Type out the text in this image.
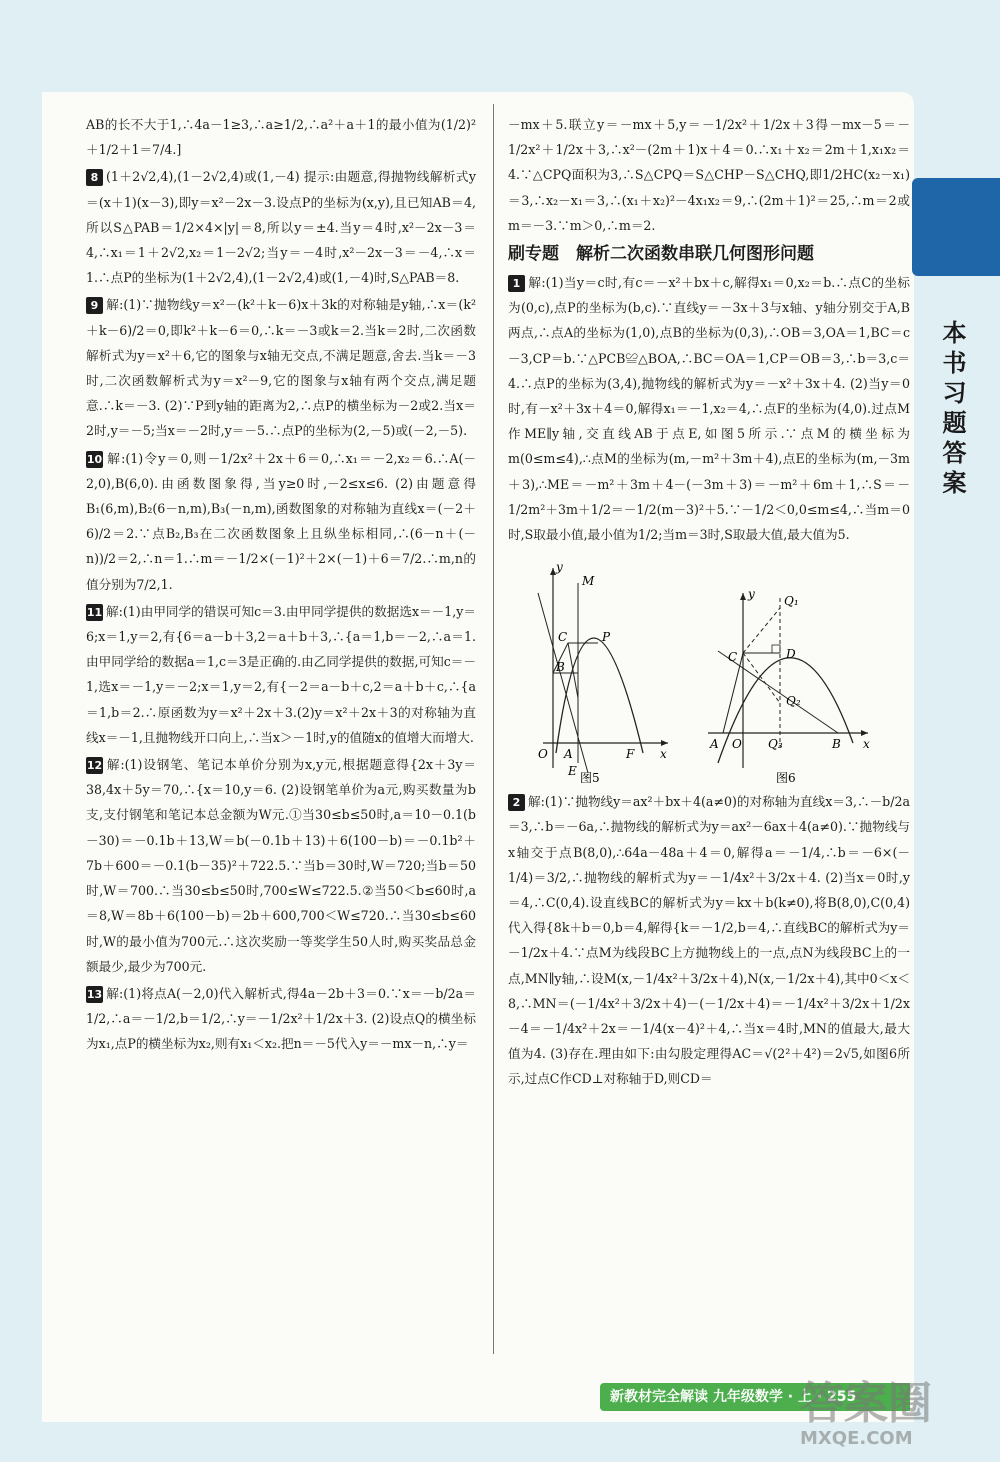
本书习题答案

AB的长不大于1,∴4a－1≥3,∴a≥1/2,∴a²＋a＋1的最小值为(1/2)²＋1/2＋1＝7/4.]

8 (1＋2√2,4),(1－2√2,4)或(1,－4) 提示:由题意,得抛物线解析式y＝(x＋1)(x－3),即y＝x²－2x－3.设点P的坐标为(x,y),且已知AB＝4,所以S△PAB＝1/2×4×|y|＝8,所以y＝±4.当y＝4时,x²－2x－3＝4,∴x₁＝1＋2√2,x₂＝1－2√2;当y＝－4时,x²－2x－3＝－4,∴x＝1.∴点P的坐标为(1＋2√2,4),(1－2√2,4)或(1,－4)时,S△PAB＝8.

9 解:(1)∵抛物线y＝x²－(k²＋k－6)x＋3k的对称轴是y轴,∴x＝(k²＋k－6)/2＝0,即k²＋k－6＝0,∴k＝－3或k＝2.当k＝2时,二次函数解析式为y＝x²＋6,它的图象与x轴无交点,不满足题意,舍去.当k＝－3时,二次函数解析式为y＝x²－9,它的图象与x轴有两个交点,满足题意.∴k＝－3. (2)∵P到y轴的距离为2,∴点P的横坐标为－2或2.当x＝2时,y＝－5;当x＝－2时,y＝－5.∴点P的坐标为(2,－5)或(－2,－5).

10 解:(1)令y＝0,则－1/2x²＋2x＋6＝0,∴x₁＝－2,x₂＝6.∴A(－2,0),B(6,0).由函数图象得,当y≥0时,－2≤x≤6. (2)由题意得B₁(6,m),B₂(6－n,m),B₃(－n,m),函数图象的对称轴为直线x＝(－2＋6)/2＝2.∵点B₂,B₃在二次函数图象上且纵坐标相同,∴(6－n＋(－n))/2＝2,∴n＝1.∴m＝－1/2×(－1)²＋2×(－1)＋6＝7/2.∴m,n的值分别为7/2,1.

11 解:(1)由甲同学的错误可知c＝3.由甲同学提供的数据选x＝－1,y＝6;x＝1,y＝2,有{6＝a－b＋3,2＝a＋b＋3,∴{a＝1,b＝－2,∴a＝1.由甲同学给的数据a＝1,c＝3是正确的.由乙同学提供的数据,可知c＝－1,选x＝－1,y＝－2;x＝1,y＝2,有{－2＝a－b＋c,2＝a＋b＋c,∴{a＝1,b＝2.∴原函数为y＝x²＋2x＋3.(2)y＝x²＋2x＋3的对称轴为直线x＝－1,且抛物线开口向上,∴当x＞－1时,y的值随x的值增大而增大.

12 解:(1)设钢笔、笔记本单价分别为x,y元,根据题意得{2x＋3y＝38,4x＋5y＝70,∴{x＝10,y＝6. (2)设钢笔单价为a元,购买数量为b支,支付钢笔和笔记本总金额为W元.①当30≤b≤50时,a＝10－0.1(b－30)＝－0.1b＋13,W＝b(－0.1b＋13)＋6(100－b)＝－0.1b²＋7b＋600＝－0.1(b－35)²＋722.5.∵当b＝30时,W＝720;当b＝50时,W＝700.∴当30≤b≤50时,700≤W≤722.5.②当50＜b≤60时,a＝8,W＝8b＋6(100－b)＝2b＋600,700＜W≤720.∴当30≤b≤60时,W的最小值为700元.∴这次奖励一等奖学生50人时,购买奖品总金额最少,最少为700元.

13 解:(1)将点A(－2,0)代入解析式,得4a－2b＋3＝0.∵x＝－b/2a＝1/2,∴a＝－1/2,b＝1/2,∴y＝－1/2x²＋1/2x＋3. (2)设点Q的横坐标为x₁,点P的横坐标为x₂,则有x₁＜x₂.把n＝－5代入y＝－mx－n,∴y＝

－mx＋5.联立y＝－mx＋5,y＝－1/2x²＋1/2x＋3得－mx－5＝－1/2x²＋1/2x＋3,∴x²－(2m＋1)x＋4＝0.∴x₁＋x₂＝2m＋1,x₁x₂＝4.∵△CPQ面积为3,∴S△CPQ＝S△CHP－S△CHQ,即1/2HC(x₂－x₁)＝3,∴x₂－x₁＝3,∴(x₁＋x₂)²－4x₁x₂＝9,∴(2m＋1)²＝25,∴m＝2或m＝－3.∵m＞0,∴m＝2.

刷专题　解析二次函数串联几何图形问题

1 解:(1)当y＝c时,有c＝－x²＋bx＋c,解得x₁＝0,x₂＝b.∴点C的坐标为(0,c),点P的坐标为(b,c).∵直线y＝－3x＋3与x轴、y轴分别交于A,B两点,∴点A的坐标为(1,0),点B的坐标为(0,3),∴OB＝3,OA＝1,BC＝c－3,CP＝b.∵△PCB≌△BOA,∴BC＝OA＝1,CP＝OB＝3,∴b＝3,c＝4.∴点P的坐标为(3,4),抛物线的解析式为y＝－x²＋3x＋4. (2)当y＝0时,有－x²＋3x＋4＝0,解得x₁＝－1,x₂＝4,∴点F的坐标为(4,0).过点M作ME∥y轴,交直线AB于点E,如图5所示.∵点M的横坐标为m(0≤m≤4),∴点M的坐标为(m,－m²＋3m＋4),点E的坐标为(m,－3m＋3),∴ME＝－m²＋3m＋4－(－3m＋3)＝－m²＋6m＋1,∴S＝－1/2m²＋3m＋1/2＝－1/2(m－3)²＋5.∵－1/2＜0,0≤m≤4,∴当m＝0时,S取最小值,最小值为1/2;当m＝3时,S取最大值,最大值为5.

y
x
M
C	P
B
O A	F
E 图5
y
x
Q₁
D
C
Q₂
A O Q₃	B
图6

2 解:(1)∵抛物线y＝ax²＋bx＋4(a≠0)的对称轴为直线x＝3,∴－b/2a＝3,∴b＝－6a,∴抛物线的解析式为y＝ax²－6ax＋4(a≠0).∵抛物线与x轴交于点B(8,0),∴64a－48a＋4＝0,解得a＝－1/4,∴b＝－6×(－1/4)＝3/2,∴抛物线的解析式为y＝－1/4x²＋3/2x＋4. (2)当x＝0时,y＝4,∴C(0,4).设直线BC的解析式为y＝kx＋b(k≠0),将B(8,0),C(0,4)代入得{8k＋b＝0,b＝4,解得{k＝－1/2,b＝4,∴直线BC的解析式为y＝－1/2x＋4.∵点M为线段BC上方抛物线上的一点,点N为线段BC上的一点,MN∥y轴,∴设M(x,－1/4x²＋3/2x＋4),N(x,－1/2x＋4),其中0＜x＜8,∴MN＝(－1/4x²＋3/2x＋4)－(－1/2x＋4)＝－1/4x²＋3/2x＋1/2x－4＝－1/4x²＋2x＝－1/4(x－4)²＋4,∴当x＝4时,MN的值最大,最大值为4. (3)存在.理由如下:由勾股定理得AC＝√(2²＋4²)＝2√5,如图6所示,过点C作CD⊥对称轴于D,则CD＝

新教材完全解读 九年级数学 · 上 · 255
答案圈
MXQE.COM
